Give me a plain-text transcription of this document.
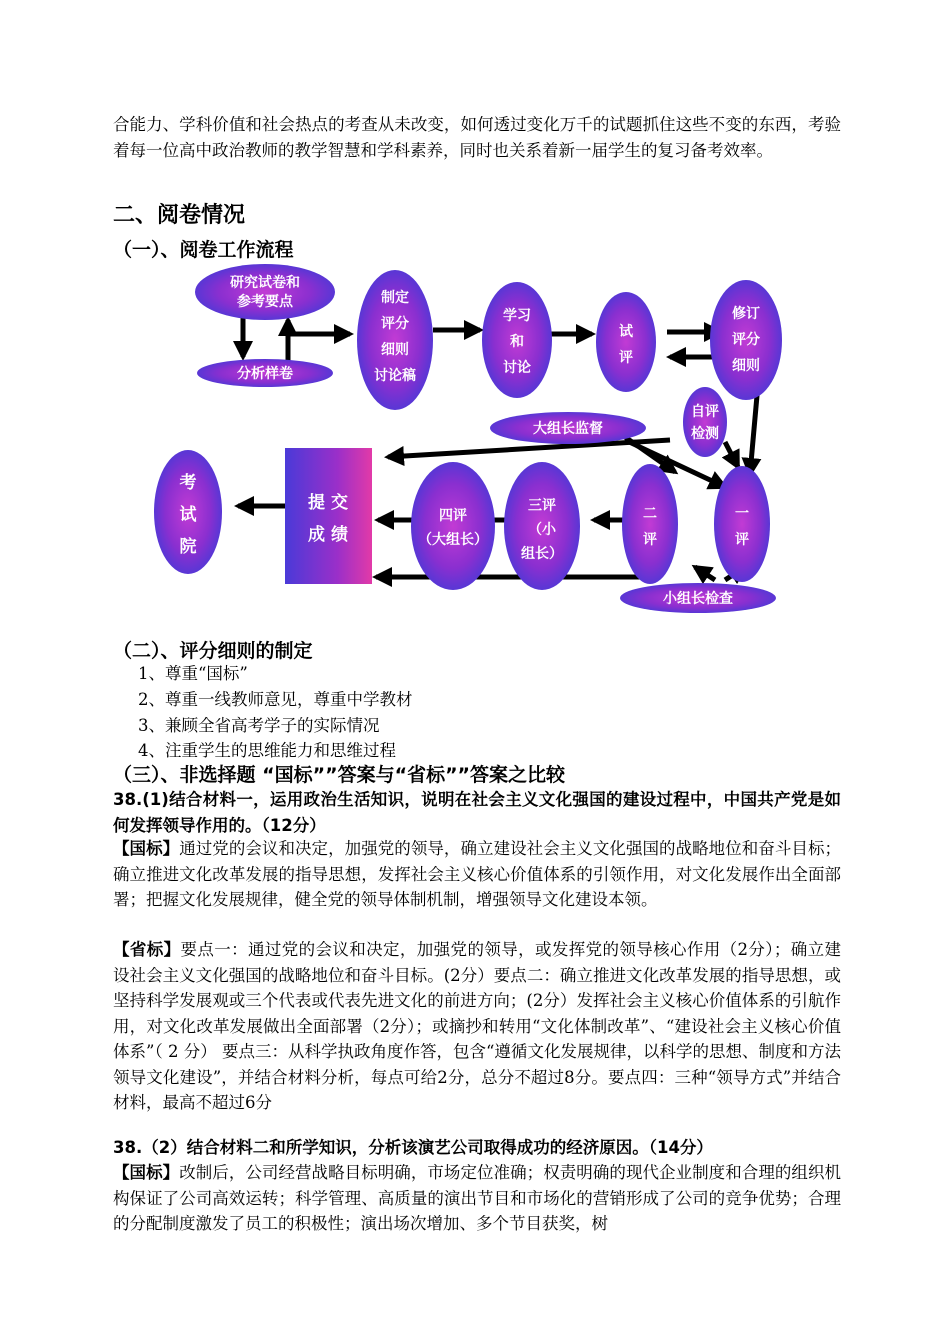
合能力、学科价值和社会热点的考查从未改变，如何透过变化万千的试题抓住这些不变的东西，考验着每一位高中政治教师的教学智慧和学科素养，同时也关系着新一届学生的复习备考效率。
二、阅卷情况
（一）、阅卷工作流程
研究试卷和
参考要点
分析样卷
制定
评分
细则
讨论稿
学习
和
讨论
试
评
修订
评分
细则
自评
检测
大组长监督
一
评
二
评
三评
（小
组长）
四评
（大组长）
提 交
成 绩
考
试
院
小组长检查
（二）、评分细则的制定
1、尊重“国标”
2、尊重一线教师意见，尊重中学教材
3、兼顾全省高考学子的实际情况
4、注重学生的思维能力和思维过程
（三）、非选择题 “国标””答案与“省标””答案之比较
38.(1)结合材料一，运用政治生活知识，说明在社会主义文化强国的建设过程中，中国共产党是如何发挥领导作用的。（12分）
【国标】通过党的会议和决定，加强党的领导，确立建设社会主义文化强国的战略地位和奋斗目标；确立推进文化改革发展的指导思想，发挥社会主义核心价值体系的引领作用，对文化发展作出全面部署；把握文化发展规律，健全党的领导体制机制，增强领导文化建设本领。
【省标】要点一：通过党的会议和决定，加强党的领导，或发挥党的领导核心作用（2分）；确立建设社会主义文化强国的战略地位和奋斗目标。(2分）要点二：确立推进文化改革发展的指导思想，或坚持科学发展观或三个代表或代表先进文化的前进方向；(2分）发挥社会主义核心价值体系的引航作用，对文化改革发展做出全面部署（2分）；或摘抄和转用“文化体制改革”、“建设社会主义核心价值体系”（ 2 分） 要点三：从科学执政角度作答，包含“遵循文化发展规律，以科学的思想、制度和方法领导文化建设”，并结合材料分析，每点可给2分，总分不超过8分。要点四：三种“领导方式”并结合材料，最高不超过6分
38.（2）结合材料二和所学知识，分析该演艺公司取得成功的经济原因。（14分）
【国标】改制后，公司经营战略目标明确，市场定位准确；权责明确的现代企业制度和合理的组织机构保证了公司高效运转；科学管理、高质量的演出节目和市场化的营销形成了公司的竞争优势；合理的分配制度激发了员工的积极性；演出场次增加、多个节目获奖，树
